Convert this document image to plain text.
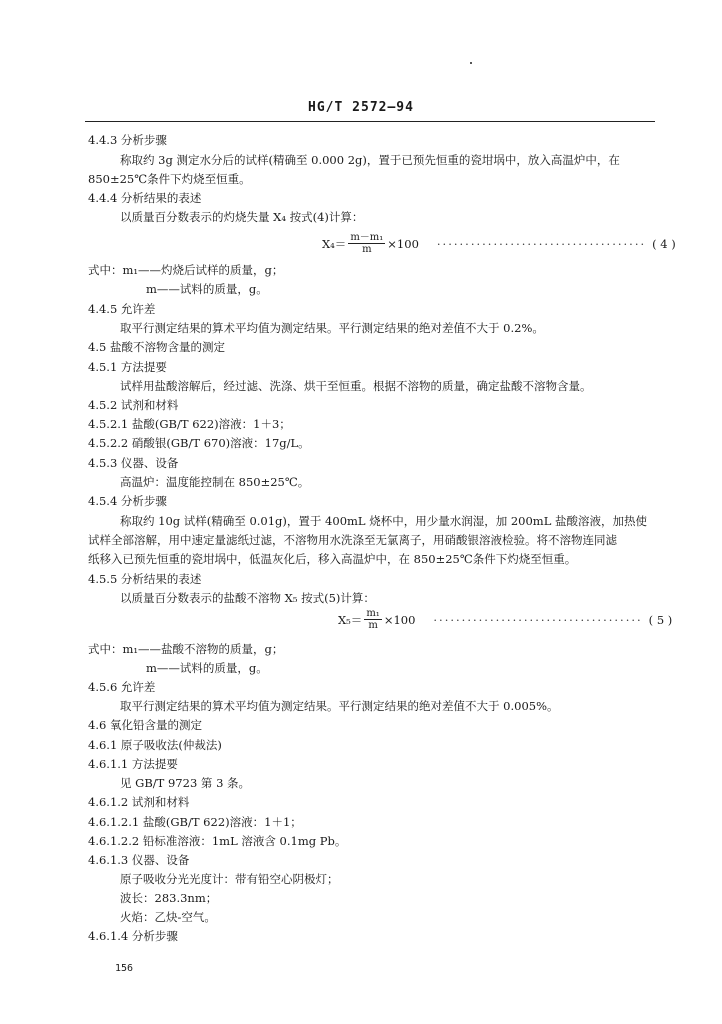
HG/T 2572—94
4.4.3 分析步骤
称取约 3g 测定水分后的试样(精确至 0.000 2g)，置于已预先恒重的瓷坩埚中，放入高温炉中，在
850±25℃条件下灼烧至恒重。
4.4.4 分析结果的表述
以质量百分数表示的灼烧失量 X₄ 按式(4)计算：
$X_4= \frac{\text{m－m₁}}{m} \times 100$ ····································· ( 4 )
式中：m₁——灼烧后试样的质量，g；
m——试料的质量，g。
4.4.5 允许差
取平行测定结果的算术平均值为测定结果。平行测定结果的绝对差值不大于 0.2%。
4.5 盐酸不溶物含量的测定
4.5.1 方法提要
试样用盐酸溶解后，经过滤、洗涤、烘干至恒重。根据不溶物的质量，确定盐酸不溶物含量。
4.5.2 试剂和材料
4.5.2.1 盐酸(GB/T 622)溶液：1＋3；
4.5.2.2 硝酸银(GB/T 670)溶液：17g/L。
4.5.3 仪器、设备
高温炉：温度能控制在 850±25℃。
4.5.4 分析步骤
称取约 10g 试样(精确至 0.01g)，置于 400mL 烧杯中，用少量水润湿，加 200mL 盐酸溶液，加热使
试样全部溶解，用中速定量滤纸过滤，不溶物用水洗涤至无氯离子，用硝酸银溶液检验。将不溶物连同滤
纸移入已预先恒重的瓷坩埚中，低温灰化后，移入高温炉中，在 850±25℃条件下灼烧至恒重。
4.5.5 分析结果的表述
以质量百分数表示的盐酸不溶物 X₅ 按式(5)计算：
$X_5= \frac{\text{m₁}}{m} \times 100$ ····································· ( 5 )
式中：m₁——盐酸不溶物的质量，g；
m——试料的质量，g。
4.5.6 允许差
取平行测定结果的算术平均值为测定结果。平行测定结果的绝对差值不大于 0.005%。
4.6 氧化铅含量的测定
4.6.1 原子吸收法(仲裁法)
4.6.1.1 方法提要
见 GB/T 9723 第 3 条。
4.6.1.2 试剂和材料
4.6.1.2.1 盐酸(GB/T 622)溶液：1＋1；
4.6.1.2.2 铅标准溶液：1mL 溶液含 0.1mg Pb。
4.6.1.3 仪器、设备
原子吸收分光光度计：带有铅空心阴极灯；
波长：283.3nm；
火焰：乙炔-空气。
4.6.1.4 分析步骤
156
